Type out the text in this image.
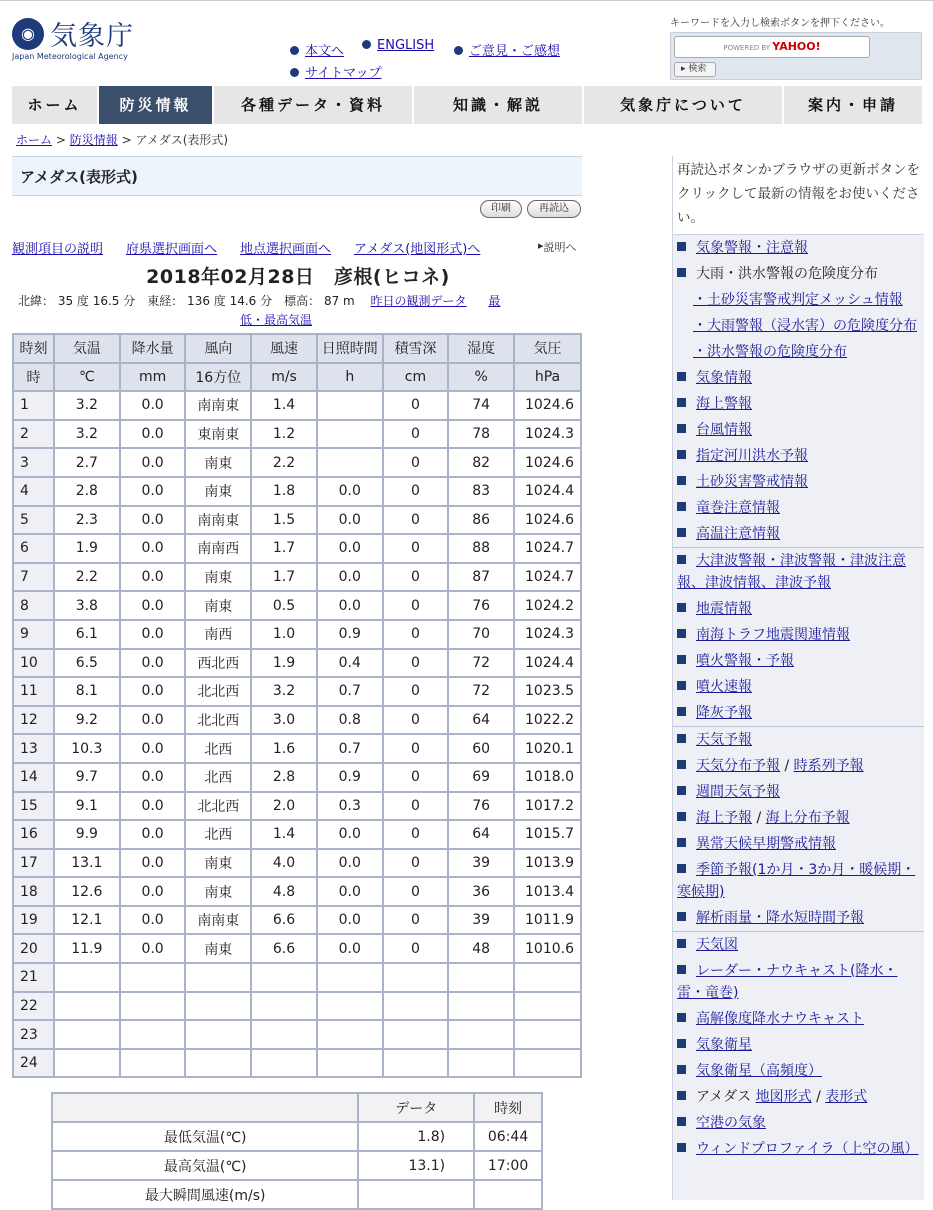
◉ 気象庁
Japan Meteorological Agency	本文へ	ENGLISH	ご意見・ご感想
サイトマップ
キーワードを入力し検索ボタンを押下ください。
POWERED BY YAHOO!
▸ 検索
ホーム	防災情報	各種データ・資料	知識・解説	気象庁について	案内・申請
ホーム > 防災情報 > アメダス(表形式)
アメダス(表形式)
印刷	再読込
観測項目の説明 府県選択画面へ 地点選択画面へ アメダス(地図形式)へ	▸ 説明へ
2018年02月28日　彦根(ヒコネ)
北緯： 35 度 16.5 分　東経： 136 度 14.6 分　標高： 87 m　 昨日の観測データ 最
低・最高気温
時刻	気温	降水量	風向	風速	日照時間	積雪深	湿度	気圧
時	℃	mm	16方位	m/s	h	cm	%	hPa
1	3.2	0.0	南南東	1.4		0	74	1024.6
2	3.2	0.0	東南東	1.2		0	78	1024.3
3	2.7	0.0	南東	2.2		0	82	1024.6
4	2.8	0.0	南東	1.8	0.0	0	83	1024.4
5	2.3	0.0	南南東	1.5	0.0	0	86	1024.6
6	1.9	0.0	南南西	1.7	0.0	0	88	1024.7
7	2.2	0.0	南東	1.7	0.0	0	87	1024.7
8	3.8	0.0	南東	0.5	0.0	0	76	1024.2
9	6.1	0.0	南西	1.0	0.9	0	70	1024.3
10	6.5	0.0	西北西	1.9	0.4	0	72	1024.4
11	8.1	0.0	北北西	3.2	0.7	0	72	1023.5
12	9.2	0.0	北北西	3.0	0.8	0	64	1022.2
13	10.3	0.0	北西	1.6	0.7	0	60	1020.1
14	9.7	0.0	北西	2.8	0.9	0	69	1018.0
15	9.1	0.0	北北西	2.0	0.3	0	76	1017.2
16	9.9	0.0	北西	1.4	0.0	0	64	1015.7
17	13.1	0.0	南東	4.0	0.0	0	39	1013.9
18	12.6	0.0	南東	4.8	0.0	0	36	1013.4
19	12.1	0.0	南南東	6.6	0.0	0	39	1011.9
20	11.9	0.0	南東	6.6	0.0	0	48	1010.6
21								
22								
23								
24								
	データ	時刻
最低気温(℃)	1.8)	06:44
最高気温(℃)	13.1)	17:00
最大瞬間風速(m/s)		
再読込ボタンかブラウザの更新ボタンをクリックして最新の情報をお使いください。
気象警報・注意報
大雨・洪水警報の危険度分布
・土砂災害警戒判定メッシュ情報
・大雨警報（浸水害）の危険度分布
・洪水警報の危険度分布
気象情報
海上警報
台風情報
指定河川洪水予報
土砂災害警戒情報
竜巻注意情報
高温注意情報
大津波警報・津波警報・津波注意報、津波情報、津波予報
地震情報
南海トラフ地震関連情報
噴火警報・予報
噴火速報
降灰予報
天気予報
天気分布予報 / 時系列予報
週間天気予報
海上予報 / 海上分布予報
異常天候早期警戒情報
季節予報(1か月・3か月・暖候期・寒候期)
解析雨量・降水短時間予報
天気図
レーダー・ナウキャスト(降水・雷・竜巻)
高解像度降水ナウキャスト
気象衛星
気象衛星（高頻度）
アメダス 地図形式 / 表形式
空港の気象
ウィンドプロファイラ（上空の風）
